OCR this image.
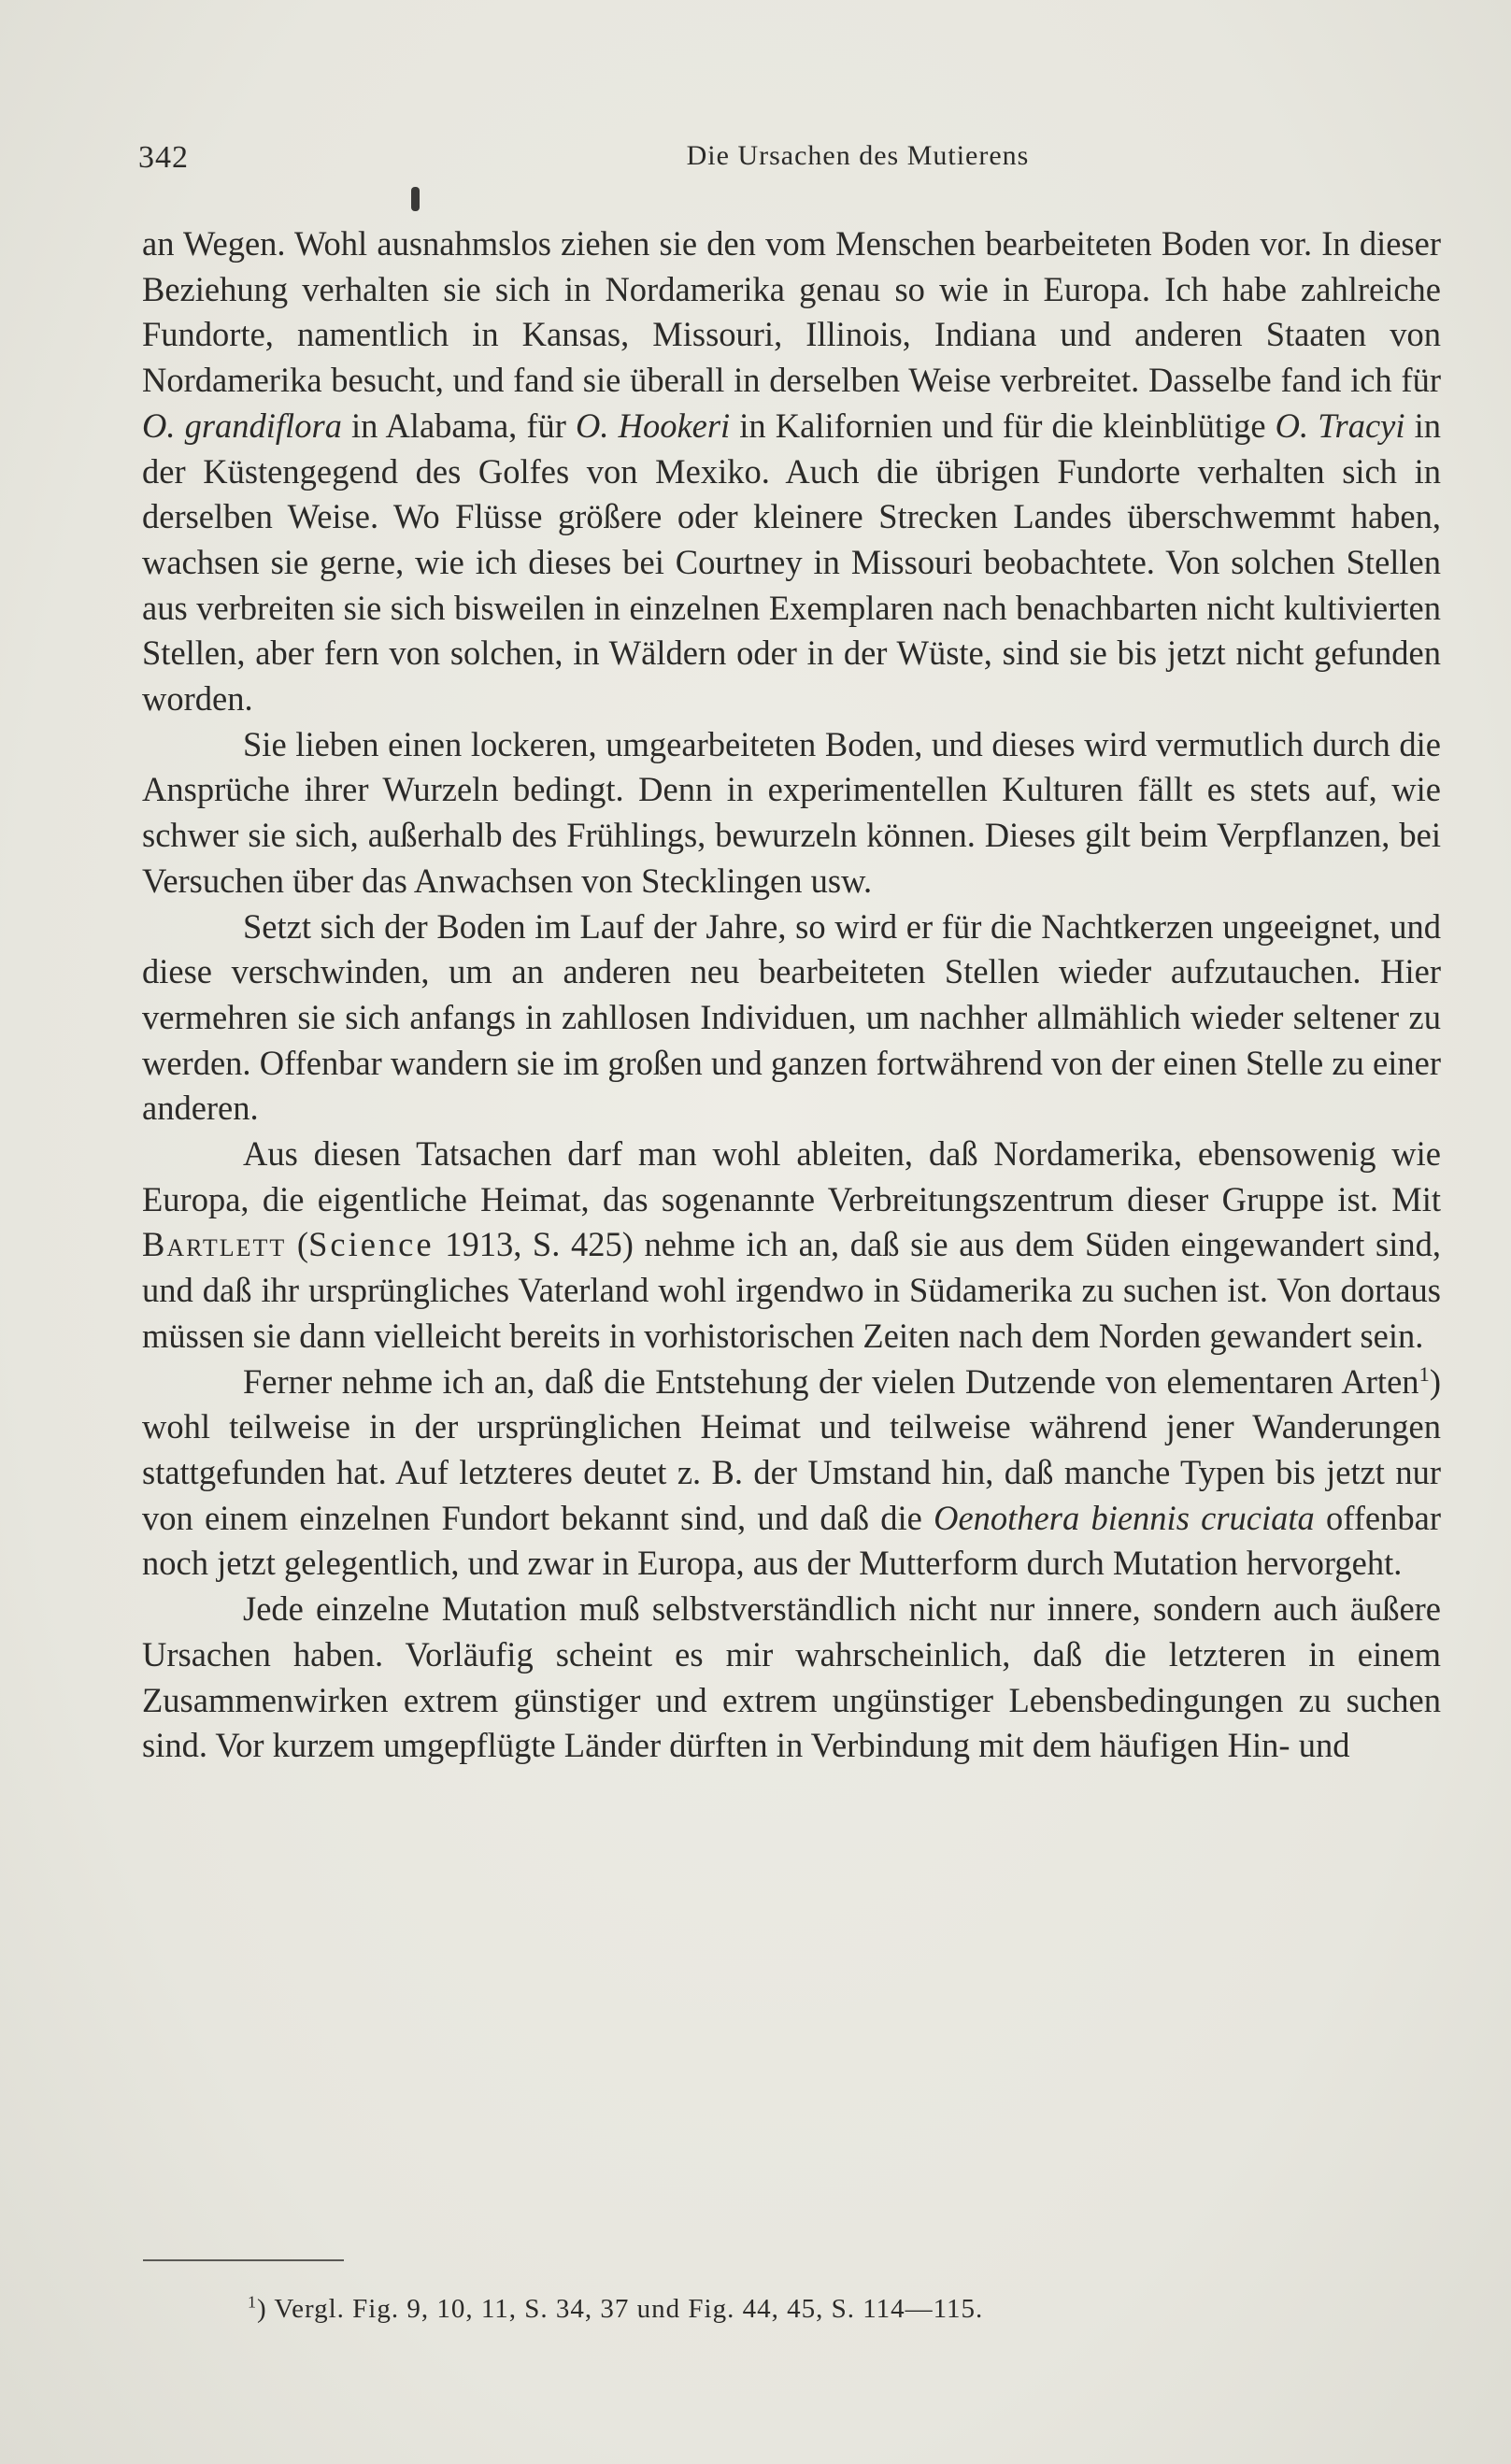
342	Die Ursachen des Mutierens

an Wegen. Wohl ausnahmslos ziehen sie den vom Menschen bearbeiteten Boden vor. In dieser Beziehung verhalten sie sich in Nordamerika genau so wie in Europa. Ich habe zahlreiche Fundorte, namentlich in Kansas, Missouri, Illinois, Indiana und anderen Staaten von Nordamerika besucht, und fand sie überall in derselben Weise verbreitet. Dasselbe fand ich für O. grandiflora in Alabama, für O. Hookeri in Kalifornien und für die kleinblütige O. Tracyi in der Küstengegend des Golfes von Mexiko. Auch die übrigen Fundorte verhalten sich in derselben Weise. Wo Flüsse größere oder kleinere Strecken Landes überschwemmt haben, wachsen sie gerne, wie ich dieses bei Courtney in Missouri beobachtete. Von solchen Stellen aus verbreiten sie sich bisweilen in einzelnen Exemplaren nach benachbarten nicht kultivierten Stellen, aber fern von solchen, in Wäldern oder in der Wüste, sind sie bis jetzt nicht gefunden worden.

Sie lieben einen lockeren, umgearbeiteten Boden, und dieses wird vermutlich durch die Ansprüche ihrer Wurzeln bedingt. Denn in experimentellen Kulturen fällt es stets auf, wie schwer sie sich, außerhalb des Frühlings, bewurzeln können. Dieses gilt beim Verpflanzen, bei Versuchen über das Anwachsen von Stecklingen usw.

Setzt sich der Boden im Lauf der Jahre, so wird er für die Nachtkerzen ungeeignet, und diese verschwinden, um an anderen neu bearbeiteten Stellen wieder aufzutauchen. Hier vermehren sie sich anfangs in zahllosen Individuen, um nachher allmählich wieder seltener zu werden. Offenbar wandern sie im großen und ganzen fortwährend von der einen Stelle zu einer anderen.

Aus diesen Tatsachen darf man wohl ableiten, daß Nordamerika, ebensowenig wie Europa, die eigentliche Heimat, das sogenannte Verbreitungszentrum dieser Gruppe ist. Mit Bartlett (Science 1913, S. 425) nehme ich an, daß sie aus dem Süden eingewandert sind, und daß ihr ursprüngliches Vaterland wohl irgendwo in Südamerika zu suchen ist. Von dortaus müssen sie dann vielleicht bereits in vorhistorischen Zeiten nach dem Norden gewandert sein.

Ferner nehme ich an, daß die Entstehung der vielen Dutzende von elementaren Arten$^1$) wohl teilweise in der ursprünglichen Heimat und teilweise während jener Wanderungen stattgefunden hat. Auf letzteres deutet z. B. der Umstand hin, daß manche Typen bis jetzt nur von einem einzelnen Fundort bekannt sind, und daß die Oenothera biennis cruciata offenbar noch jetzt gelegentlich, und zwar in Europa, aus der Mutterform durch Mutation hervorgeht.

Jede einzelne Mutation muß selbstverständlich nicht nur innere, sondern auch äußere Ursachen haben. Vorläufig scheint es mir wahrscheinlich, daß die letzteren in einem Zusammenwirken extrem günstiger und extrem ungünstiger Lebensbedingungen zu suchen sind. Vor kurzem umgepflügte Länder dürften in Verbindung mit dem häufigen Hin- und

$^1$) Vergl. Fig. 9, 10, 11, S. 34, 37 und Fig. 44, 45, S. 114—115.
